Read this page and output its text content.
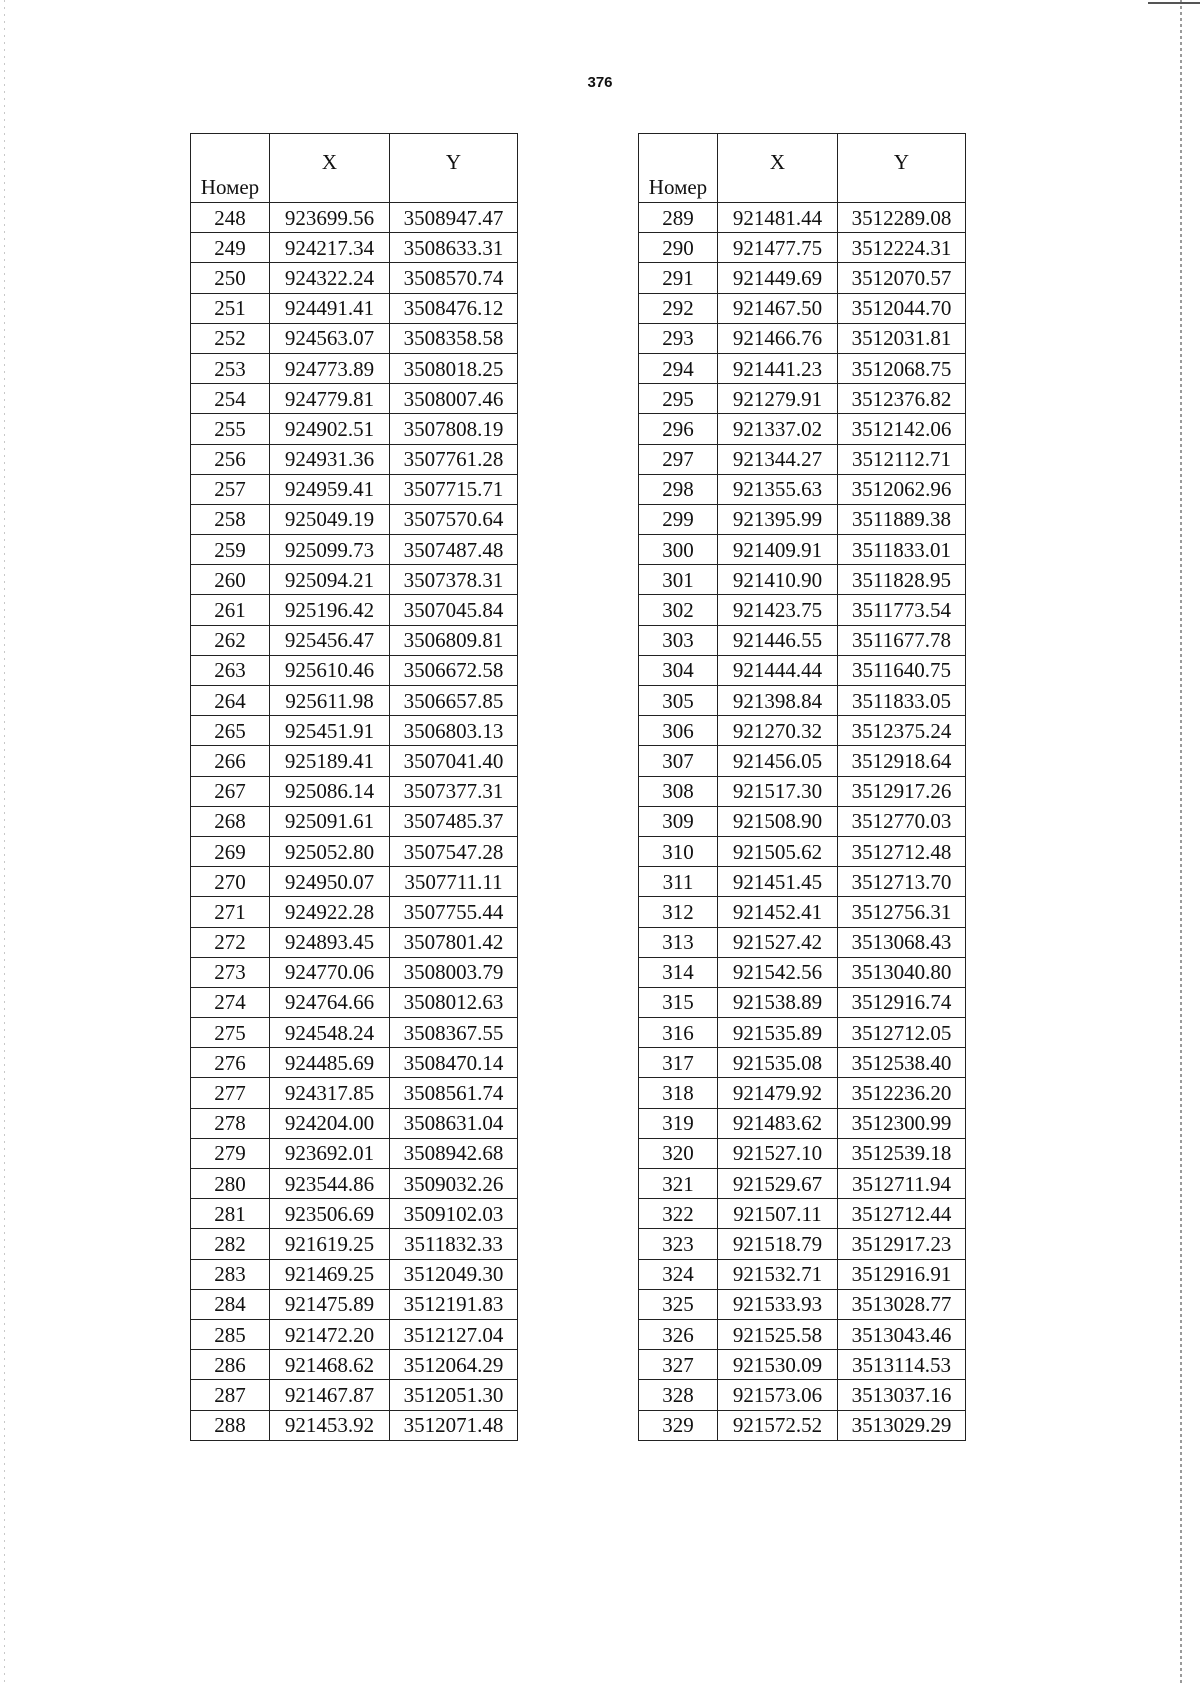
376
Номер	X	Y
248	923699.56	3508947.47
249	924217.34	3508633.31
250	924322.24	3508570.74
251	924491.41	3508476.12
252	924563.07	3508358.58
253	924773.89	3508018.25
254	924779.81	3508007.46
255	924902.51	3507808.19
256	924931.36	3507761.28
257	924959.41	3507715.71
258	925049.19	3507570.64
259	925099.73	3507487.48
260	925094.21	3507378.31
261	925196.42	3507045.84
262	925456.47	3506809.81
263	925610.46	3506672.58
264	925611.98	3506657.85
265	925451.91	3506803.13
266	925189.41	3507041.40
267	925086.14	3507377.31
268	925091.61	3507485.37
269	925052.80	3507547.28
270	924950.07	3507711.11
271	924922.28	3507755.44
272	924893.45	3507801.42
273	924770.06	3508003.79
274	924764.66	3508012.63
275	924548.24	3508367.55
276	924485.69	3508470.14
277	924317.85	3508561.74
278	924204.00	3508631.04
279	923692.01	3508942.68
280	923544.86	3509032.26
281	923506.69	3509102.03
282	921619.25	3511832.33
283	921469.25	3512049.30
284	921475.89	3512191.83
285	921472.20	3512127.04
286	921468.62	3512064.29
287	921467.87	3512051.30
288	921453.92	3512071.48
Номер	X	Y
289	921481.44	3512289.08
290	921477.75	3512224.31
291	921449.69	3512070.57
292	921467.50	3512044.70
293	921466.76	3512031.81
294	921441.23	3512068.75
295	921279.91	3512376.82
296	921337.02	3512142.06
297	921344.27	3512112.71
298	921355.63	3512062.96
299	921395.99	3511889.38
300	921409.91	3511833.01
301	921410.90	3511828.95
302	921423.75	3511773.54
303	921446.55	3511677.78
304	921444.44	3511640.75
305	921398.84	3511833.05
306	921270.32	3512375.24
307	921456.05	3512918.64
308	921517.30	3512917.26
309	921508.90	3512770.03
310	921505.62	3512712.48
311	921451.45	3512713.70
312	921452.41	3512756.31
313	921527.42	3513068.43
314	921542.56	3513040.80
315	921538.89	3512916.74
316	921535.89	3512712.05
317	921535.08	3512538.40
318	921479.92	3512236.20
319	921483.62	3512300.99
320	921527.10	3512539.18
321	921529.67	3512711.94
322	921507.11	3512712.44
323	921518.79	3512917.23
324	921532.71	3512916.91
325	921533.93	3513028.77
326	921525.58	3513043.46
327	921530.09	3513114.53
328	921573.06	3513037.16
329	921572.52	3513029.29
